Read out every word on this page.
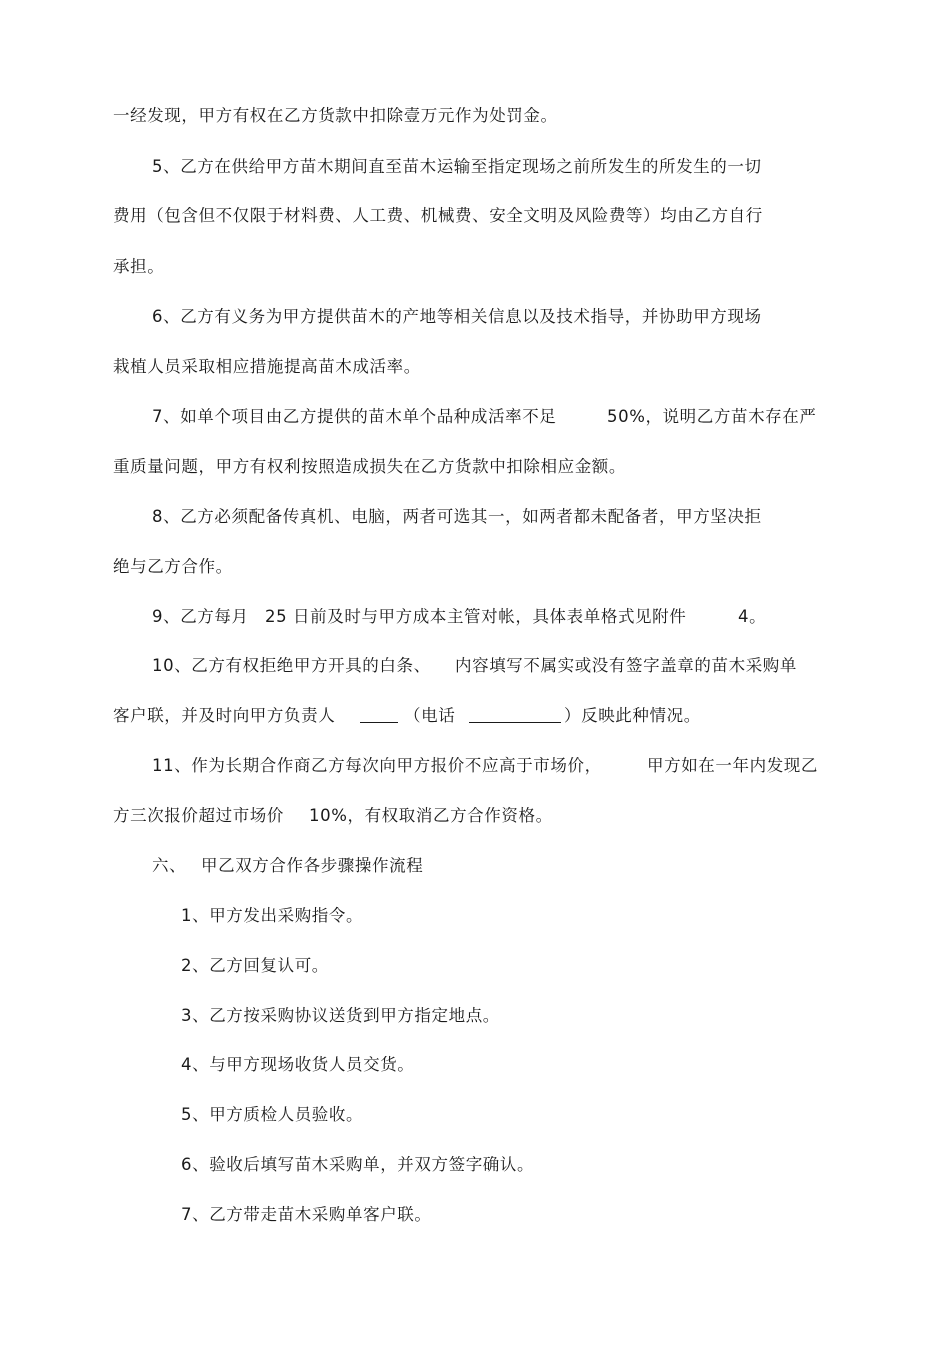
一经发现，甲方有权在乙方货款中扣除壹万元作为处罚金。
5、乙方在供给甲方苗木期间直至苗木运输至指定现场之前所发生的所发生的一切
费用（包含但不仅限于材料费、人工费、机械费、安全文明及风险费等）均由乙方自行
承担。
6、乙方有义务为甲方提供苗木的产地等相关信息以及技术指导，并协助甲方现场
栽植人员采取相应措施提高苗木成活率。
7、如单个项目由乙方提供的苗木单个品种成活率不足	50%，说明乙方苗木存在严
重质量问题，甲方有权利按照造成损失在乙方货款中扣除相应金额。
8、乙方必须配备传真机、电脑，两者可选其一，如两者都未配备者，甲方坚决拒
绝与乙方合作。
9、乙方每月 25 日前及时与甲方成本主管对帐，具体表单格式见附件	4。
10、乙方有权拒绝甲方开具的白条、 内容填写不属实或没有签字盖章的苗木采购单
客户联，并及时向甲方负责人	（电话	）反映此种情况。
11、作为长期合作商乙方每次向甲方报价不应高于市场价，	甲方如在一年内发现乙
方三次报价超过市场价 10%，有权取消乙方合作资格。
六、 甲乙双方合作各步骤操作流程
1、甲方发出采购指令。
2、乙方回复认可。
3、乙方按采购协议送货到甲方指定地点。
4、与甲方现场收货人员交货。
5、甲方质检人员验收。
6、验收后填写苗木采购单，并双方签字确认。
7、乙方带走苗木采购单客户联。
